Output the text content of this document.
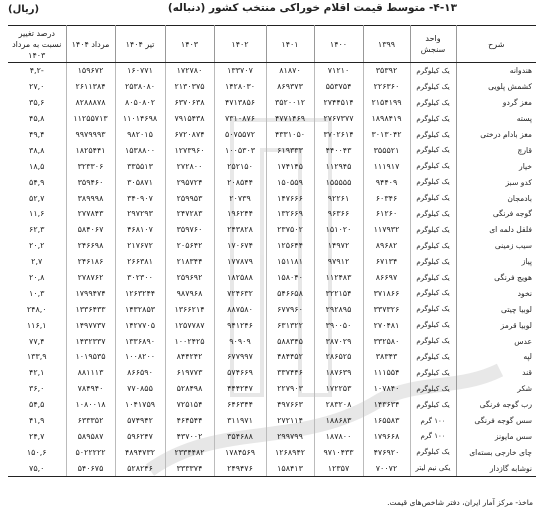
۴-۱۳- متوسط قیمت اقلام خوراکی منتخب کشور (دنباله)
(ریال)
شرح	واحد سنجش	۱۳۹۹	۱۴۰۰	۱۴۰۱	۱۴۰۲	۱۴۰۳	تیر ۱۴۰۴	مرداد ۱۴۰۴	درصد تغییر نسبت به مرداد ۱۴۰۳
هندوانه	یک کیلوگرم	۳۵۳۹۲	۷۱۲۱۰	۸۱۸۷۰	۱۳۳۷۰۷	۱۷۲۷۸۰	۱۶۰۷۷۱	۱۵۹۶۷۲	-۴,۲
کشمش پلویی	یک کیلوگرم	۲۲۶۳۶۰	۵۵۳۷۵۴	۸۶۹۳۷۳	۱۴۲۸۰۳۰	۲۱۳۰۳۷۵	۲۵۳۸۰۸۰	۲۶۱۱۳۸۴	۲۷,۰
مغز گردو	یک کیلوگرم	۲۱۵۴۱۹۹	۲۷۴۴۵۱۴	۳۵۲۰۰۱۲	۴۷۱۳۸۵۶	۶۳۷۰۶۳۸	۸۰۵۰۸۰۲	۸۲۸۸۸۷۸	۳۵,۶
پسته	یک کیلوگرم	۱۸۹۸۴۱۹	۲۷۶۷۳۷۷	۴۷۷۱۴۶۹	۷۳۱۰۸۷۶	۷۹۱۵۴۳۸	۱۱۰۱۴۶۹۸	۱۱۲۵۵۷۱۳	۴۵,۸
مغز بادام درختی	یک کیلوگرم	۳۰۱۳۰۴۲	۳۷۰۲۶۱۴	۴۳۳۱۰۵۰	۵۰۷۵۵۷۲	۶۷۲۰۸۷۴	۹۸۲۰۱۵	۹۹۷۹۹۹۳	۴۹,۴
قارچ	یک کیلوگرم	۳۵۵۵۲۱	۴۴۰۰۴۳	۶۱۹۳۳۳	۱۰۰۵۳۰۳	۱۲۷۳۹۶۰	۱۵۳۸۸۰۰	۱۸۲۵۴۴۱	۳۸,۸
خیار	یک کیلوگرم	۱۱۱۹۱۷	۱۱۲۹۴۵	۱۷۴۱۴۵	۲۵۲۱۵۰	۲۷۲۸۰۰	۳۳۵۵۱۳	۳۲۳۳۰۶	۱۸,۵
کدو سبز	یک کیلوگرم	۹۴۴۰۹	۱۵۵۵۵۵	۱۵۰۵۵۹	۲۰۸۵۴۴	۲۹۵۷۲۴	۳۰۵۸۷۱	۳۵۹۴۶۰	۵۴,۹
بادمجان	یک کیلوگرم	۶۰۳۴۶	۹۲۲۶۱	۱۴۷۶۶۶	۲۰۷۳۹	۲۵۹۹۵۳	۳۴۰۹۰۷	۳۸۹۹۹۸	۵۲,۷
گوجه فرنگی	یک کیلوگرم	۶۱۲۶۰	۹۶۳۶۶	۱۳۲۶۶۹	۱۹۶۲۴۴	۲۴۷۲۸۳	۲۹۷۲۹۳	۲۷۷۸۴۳	۱۱,۶
فلفل دلمه ای	یک کیلوگرم	۱۱۷۹۳۲	۱۵۱۰۲۰	۲۳۷۵۰۲	۲۴۳۸۲۸	۳۵۹۷۶۰	۴۶۸۱۰۷	۵۸۴۰۶۷	۶۲,۳
سیب زمینی	یک کیلوگرم	۸۹۶۸۲	۱۴۹۷۲	۱۲۵۶۴۴	۱۷۰۶۷۴	۲۰۵۶۴۲	۲۱۷۶۷۲	۲۴۶۶۹۸	۲۰,۲
پیاز	یک کیلوگرم	۶۷۱۳۴	۹۷۹۱۲	۱۵۱۱۸۱	۱۷۷۸۷۹	۲۱۸۳۴۴	۲۶۶۳۸۱	۲۴۶۱۸۶	۲,۷
هویج فرنگی	یک کیلوگرم	۸۶۶۹۷	۱۱۲۴۸۳	۱۵۸۰۴۰	۱۸۲۵۸۸	۲۵۹۶۹۲	۳۰۲۳۰۰	۲۷۸۷۶۲	۲۰,۸
نخود	یک کیلوگرم	۳۷۱۸۶۶	۳۲۲۱۵۴	۵۴۶۶۵۸	۷۲۴۶۳۲	۹۸۷۹۶۸	۱۲۶۳۲۴۴	۱۷۹۹۴۷۴	۱۰,۳
لوبیا چیتی	یک کیلوگرم	۳۳۷۳۲۶	۲۹۲۸۹۵	۶۷۷۹۶۰	۸۸۷۵۸۰	۱۳۶۶۲۱۴	۱۴۳۲۸۵۳	۱۳۳۶۴۳۳	۲۴۸,۰
لوبیا قرمز	یک کیلوگرم	۲۷۰۴۸۱	۳۹۰۰۵۰	۶۳۱۳۲۲	۹۴۱۲۴۶	۱۲۵۷۷۸۷	۱۴۲۷۷۰۵	۱۴۹۷۷۳۷	۱۱۶,۱
عدس	یک کیلوگرم	۳۳۲۵۸۰	۳۸۷۰۲۹	۵۸۸۳۴۵	۹۰۹۰۹	۱۰۰۲۴۲۵	۱۳۳۶۸۹۰	۱۴۳۲۳۳۷	۷۷,۴
لپه	یک کیلوگرم	۳۸۳۴۳	۲۸۶۵۲۵	۴۸۴۴۵۲	۶۷۷۹۹۷	۸۴۴۲۴۲	۱۰۰۸۲۰۰	۱۰۱۹۵۳۵	۱۳۳,۹
قند	یک کیلوگرم	۱۱۱۵۵۴	۱۸۷۶۳۹	۳۳۷۴۴۶	۵۷۴۶۶۹	۶۱۹۷۷۳	۸۶۶۵۹۰	۸۸۱۱۱۳	۴۲,۱
شکر	یک کیلوگرم	۱۰۷۸۴۰	۱۷۲۲۵۳	۲۲۷۹۰۳	۴۴۴۲۴۷	۵۲۸۴۹۸	۷۷۰۸۵۵	۷۸۴۹۴۰	۳۶,۰
رب گوجه فرنگی	یک کیلوگرم	۱۴۳۶۳۴	۲۸۳۲۰۸	۴۹۷۶۶۳	۶۴۶۳۴۴	۷۲۵۱۵۴	۱۰۴۱۷۵۹	۱۰۸۰۰۱۸	۵۴,۵
سس گوجه فرنگی	۱۰۰ گرم	۱۶۵۵۸۳	۱۸۸۶۸۳	۲۷۲۱۱۴	۳۱۱۹۷۱	۴۶۴۵۴۴	۵۷۴۹۴۲	۶۳۳۳۵۲	۴۱,۹
سس مایونز	۱۰۰ گرم	۱۷۹۶۶۸	۱۸۷۸۰۰	۲۹۹۷۹۹	۳۵۴۶۸۸	۴۳۷۰۰۲	۵۹۶۲۴۷	۵۸۹۵۸۷	۲۴,۷
چای خارجی بسته‌ای	یک کیلوگرم	۴۷۶۹۲۰	۹۷۱۰۴۳۳	۱۲۶۸۹۴۲	۱۷۸۴۵۶۹	۲۳۳۴۴۸۲	۴۸۹۴۷۳۲	۵۰۲۲۲۲۲	۱۵۰,۶
نوشابه گازدار	یکی نیم لیتر	۷۰۰۷۲	۱۲۳۵۷	۱۵۸۴۱۳	۲۴۹۴۷۶	۳۳۳۳۷۴	۵۲۸۲۴۶	۵۴۰۶۷۵	۷۵,۰
ماخذ- مرکز آمار ایران، دفتر شاخص‌های قیمت.
